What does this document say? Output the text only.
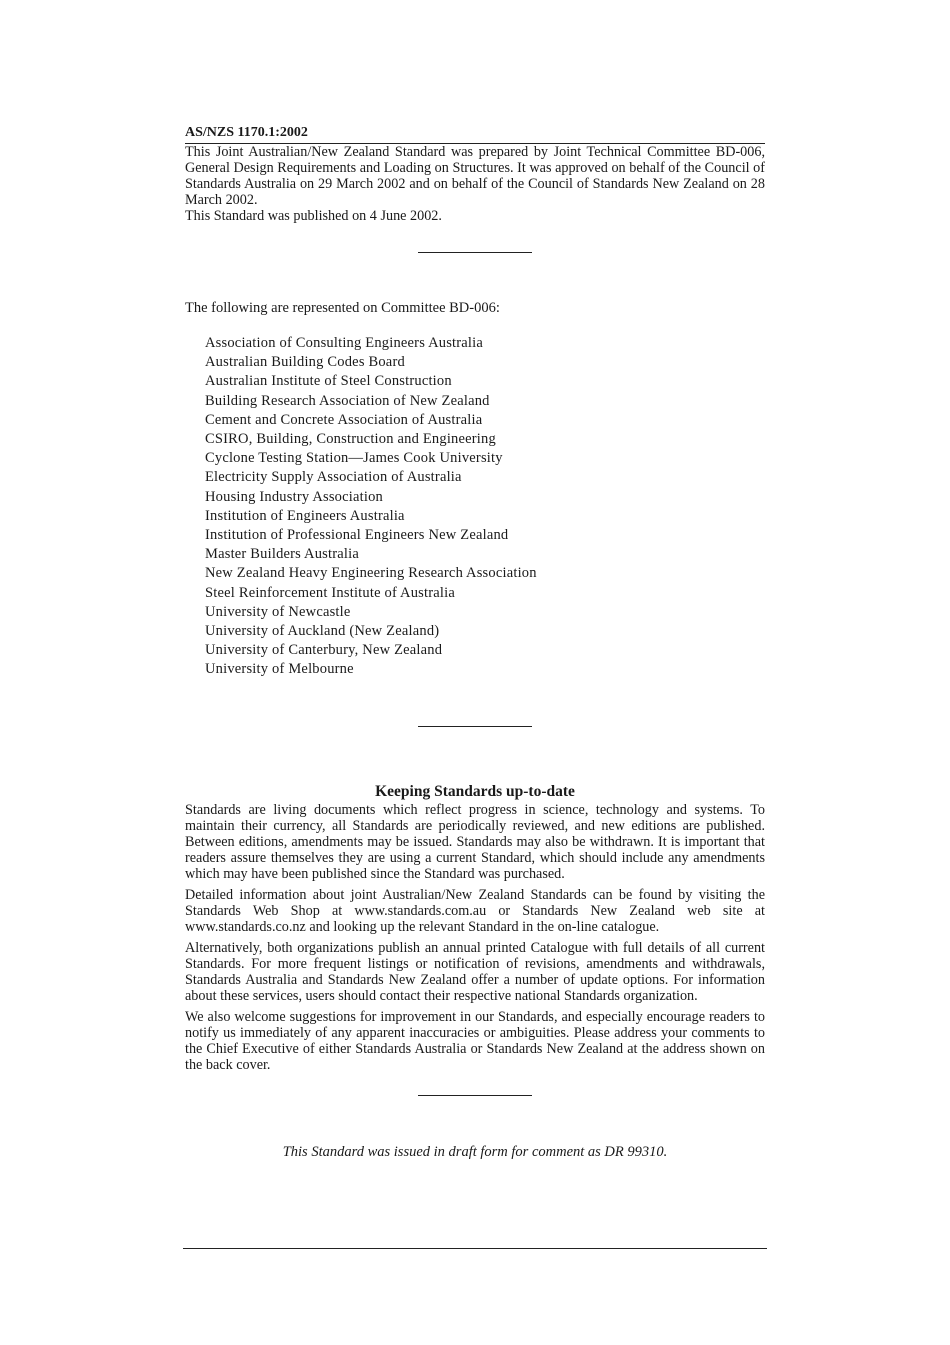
AS/NZS 1170.1:2002

This Joint Australian/New Zealand Standard was prepared by Joint Technical Committee BD-006, General Design Requirements and Loading on Structures. It was approved on behalf of the Council of Standards Australia on 29 March 2002 and on behalf of the Council of Standards New Zealand on 28 March 2002.

This Standard was published on 4 June 2002.

The following are represented on Committee BD-006:

Association of Consulting Engineers Australia
Australian Building Codes Board
Australian Institute of Steel Construction
Building Research Association of New Zealand
Cement and Concrete Association of Australia
CSIRO, Building, Construction and Engineering
Cyclone Testing Station—James Cook University
Electricity Supply Association of Australia
Housing Industry Association
Institution of Engineers Australia
Institution of Professional Engineers New Zealand
Master Builders Australia
New Zealand Heavy Engineering Research Association
Steel Reinforcement Institute of Australia
University of Newcastle
University of Auckland (New Zealand)
University of Canterbury, New Zealand
University of Melbourne
Keeping Standards up-to-date

Standards are living documents which reflect progress in science, technology and systems. To maintain their currency, all Standards are periodically reviewed, and new editions are published. Between editions, amendments may be issued. Standards may also be withdrawn. It is important that readers assure themselves they are using a current Standard, which should include any amendments which may have been published since the Standard was purchased.

Detailed information about joint Australian/New Zealand Standards can be found by visiting the Standards Web Shop at www.standards.com.au or Standards New Zealand web site at www.standards.co.nz and looking up the relevant Standard in the on-line catalogue.

Alternatively, both organizations publish an annual printed Catalogue with full details of all current Standards. For more frequent listings or notification of revisions, amendments and withdrawals, Standards Australia and Standards New Zealand offer a number of update options. For information about these services, users should contact their respective national Standards organization.

We also welcome suggestions for improvement in our Standards, and especially encourage readers to notify us immediately of any apparent inaccuracies or ambiguities. Please address your comments to the Chief Executive of either Standards Australia or Standards New Zealand at the address shown on the back cover.

This Standard was issued in draft form for comment as DR 99310.
